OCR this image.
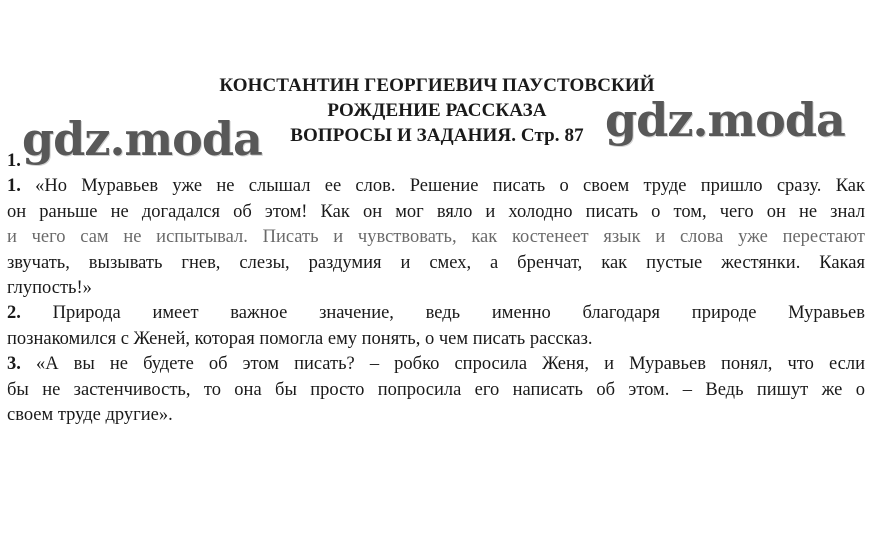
КОНСТАНТИН ГЕОРГИЕВИЧ ПАУСТОВСКИЙ
РОЖДЕНИЕ РАССКАЗА
ВОПРОСЫ И ЗАДАНИЯ. Стр. 87
gdz.moda	gdz.moda
1.
1. «Но Муравьев уже не слышал ее слов. Решение писать о своем труде пришло сразу. Как
он раньше не догадался об этом! Как он мог вяло и холодно писать о том, чего он не знал
и чего сам не испытывал. Писать и чувствовать, как костенеет язык и слова уже перестают
звучать, вызывать гнев, слезы, раздумия и смех, а бренчат, как пустые жестянки. Какая
глупость!»
2. Природа имеет важное значение, ведь именно благодаря природе Муравьев
познакомился с Женей, которая помогла ему понять, о чем писать рассказ.
3. «А вы не будете об этом писать? – робко спросила Женя, и Муравьев понял, что если
бы не застенчивость, то она бы просто попросила его написать об этом. – Ведь пишут же о
своем труде другие».
